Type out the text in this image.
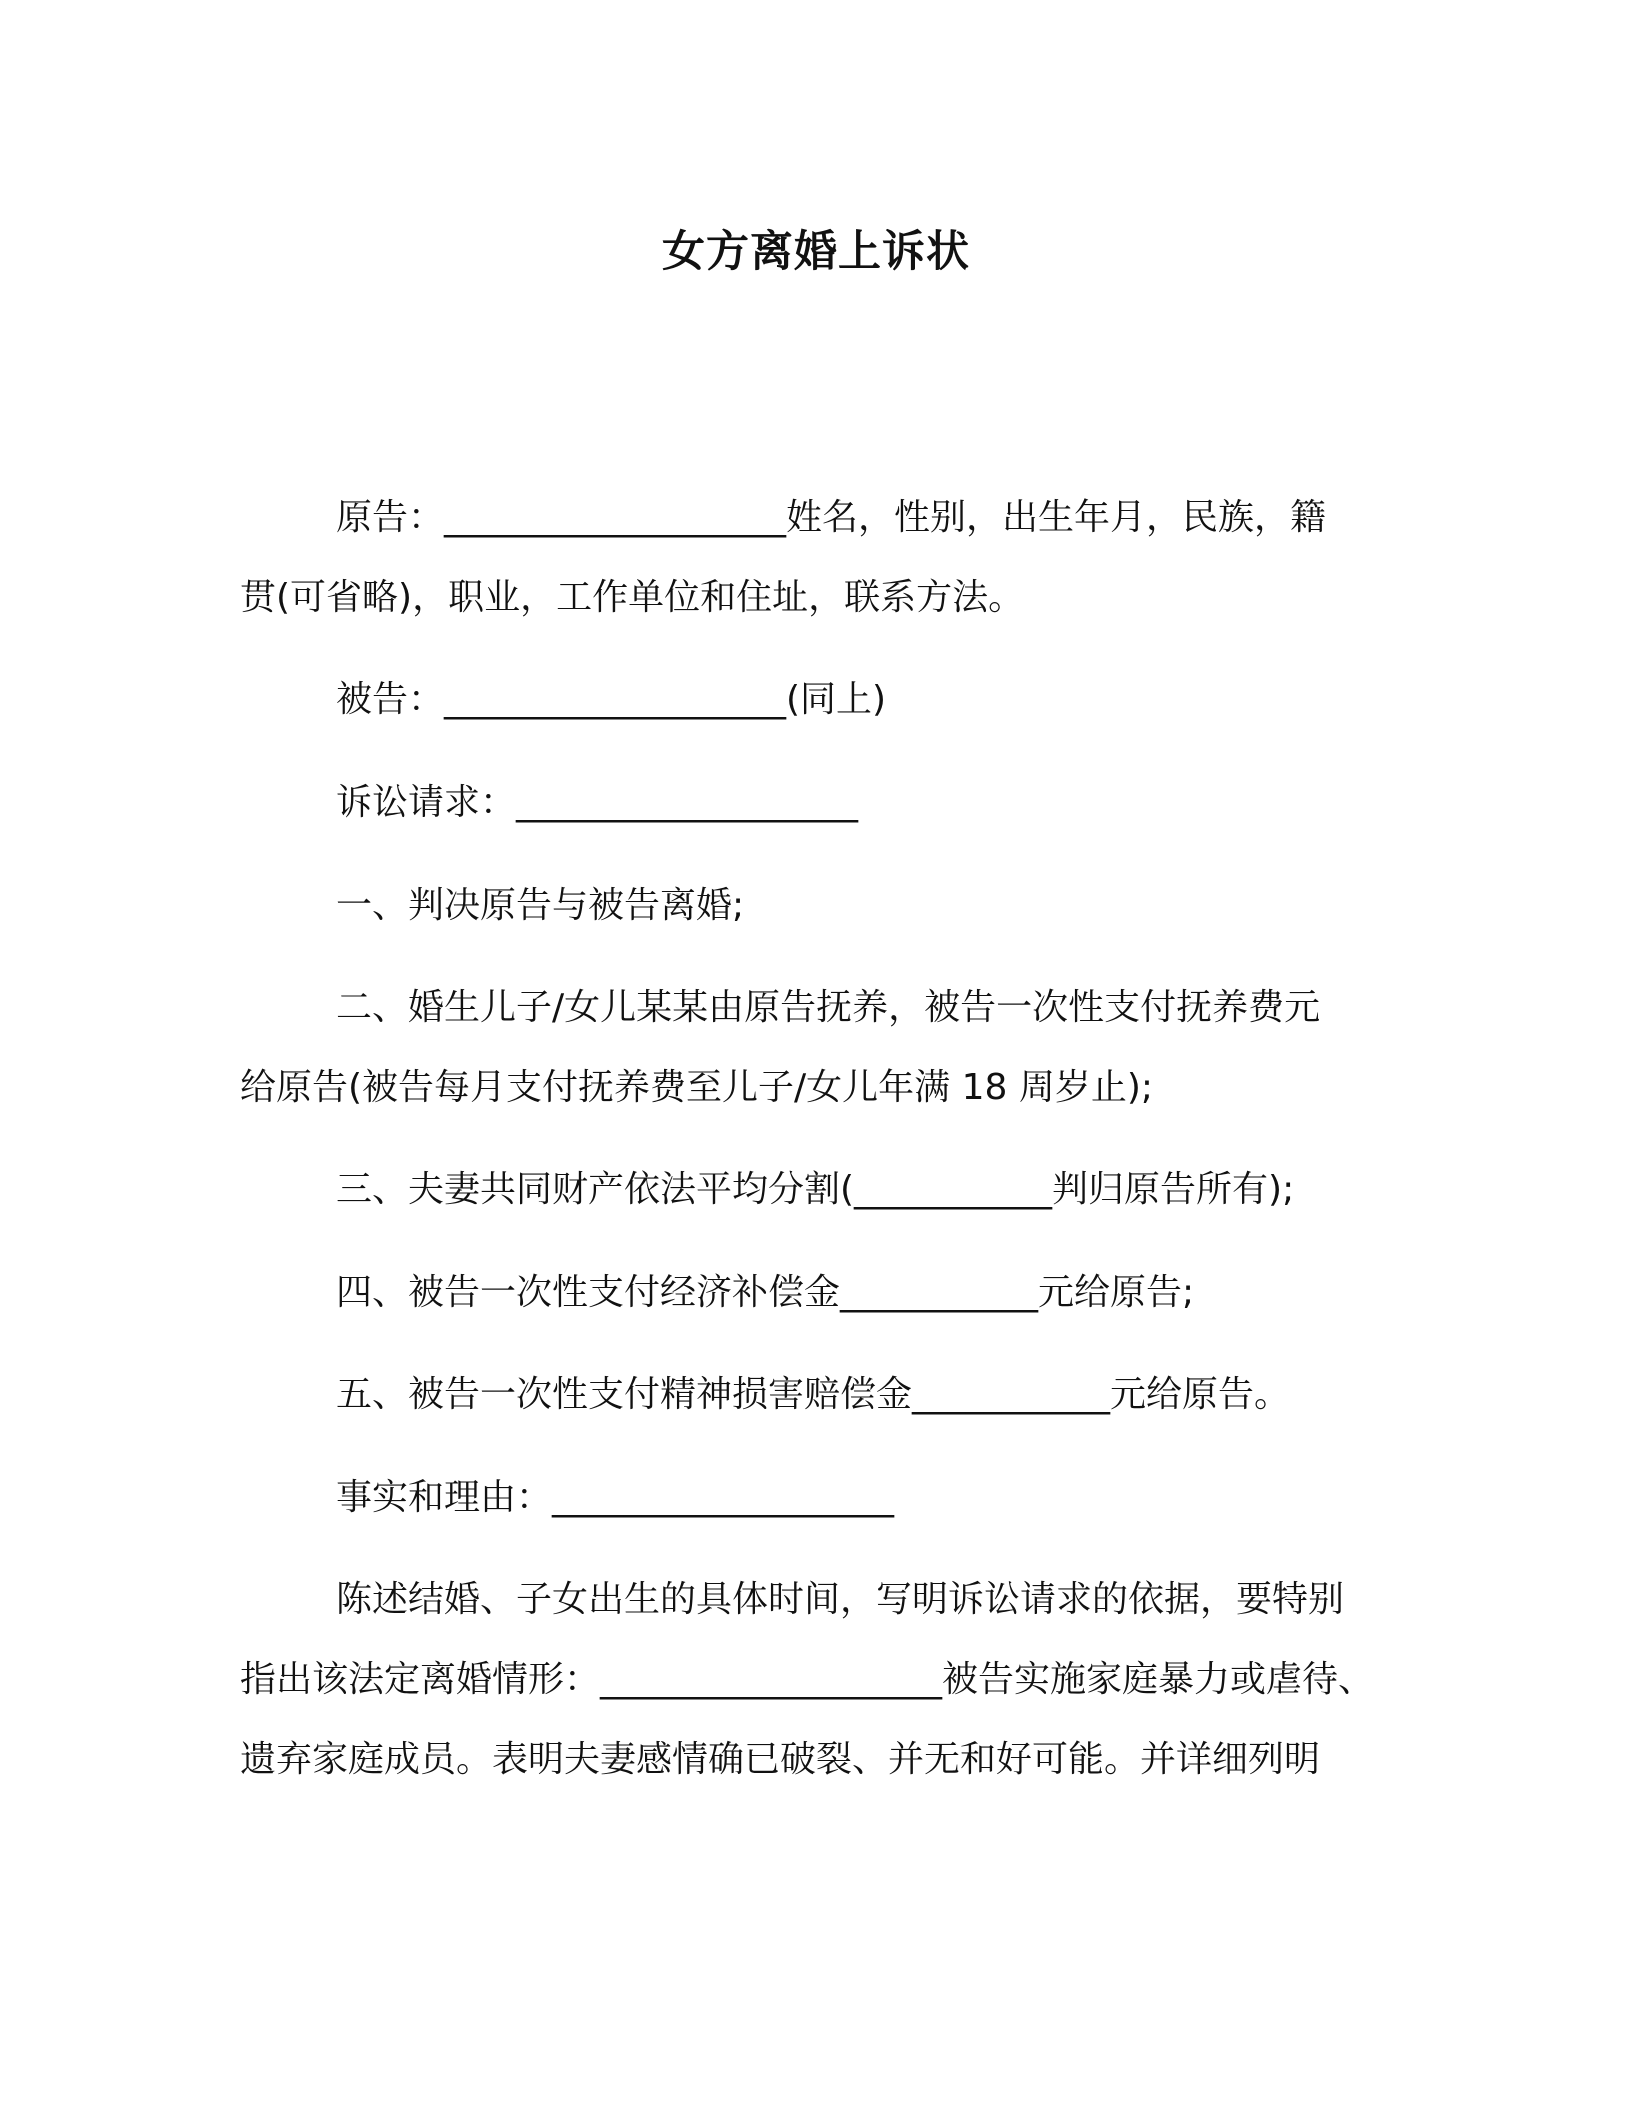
女方离婚上诉状

原告：___________________姓名，性别，出生年月，民族，籍

贯(可省略)，职业，工作单位和住址，联系方法。

被告：___________________(同上)

诉讼请求：___________________

一、判决原告与被告离婚;

二、婚生儿子/女儿某某由原告抚养，被告一次性支付抚养费元

给原告(被告每月支付抚养费至儿子/女儿年满 18 周岁止);

三、夫妻共同财产依法平均分割(___________判归原告所有);

四、被告一次性支付经济补偿金___________元给原告;

五、被告一次性支付精神损害赔偿金___________元给原告。

事实和理由：___________________

陈述结婚、子女出生的具体时间，写明诉讼请求的依据，要特别

指出该法定离婚情形：___________________被告实施家庭暴力或虐待、

遗弃家庭成员。表明夫妻感情确已破裂、并无和好可能。并详细列明
